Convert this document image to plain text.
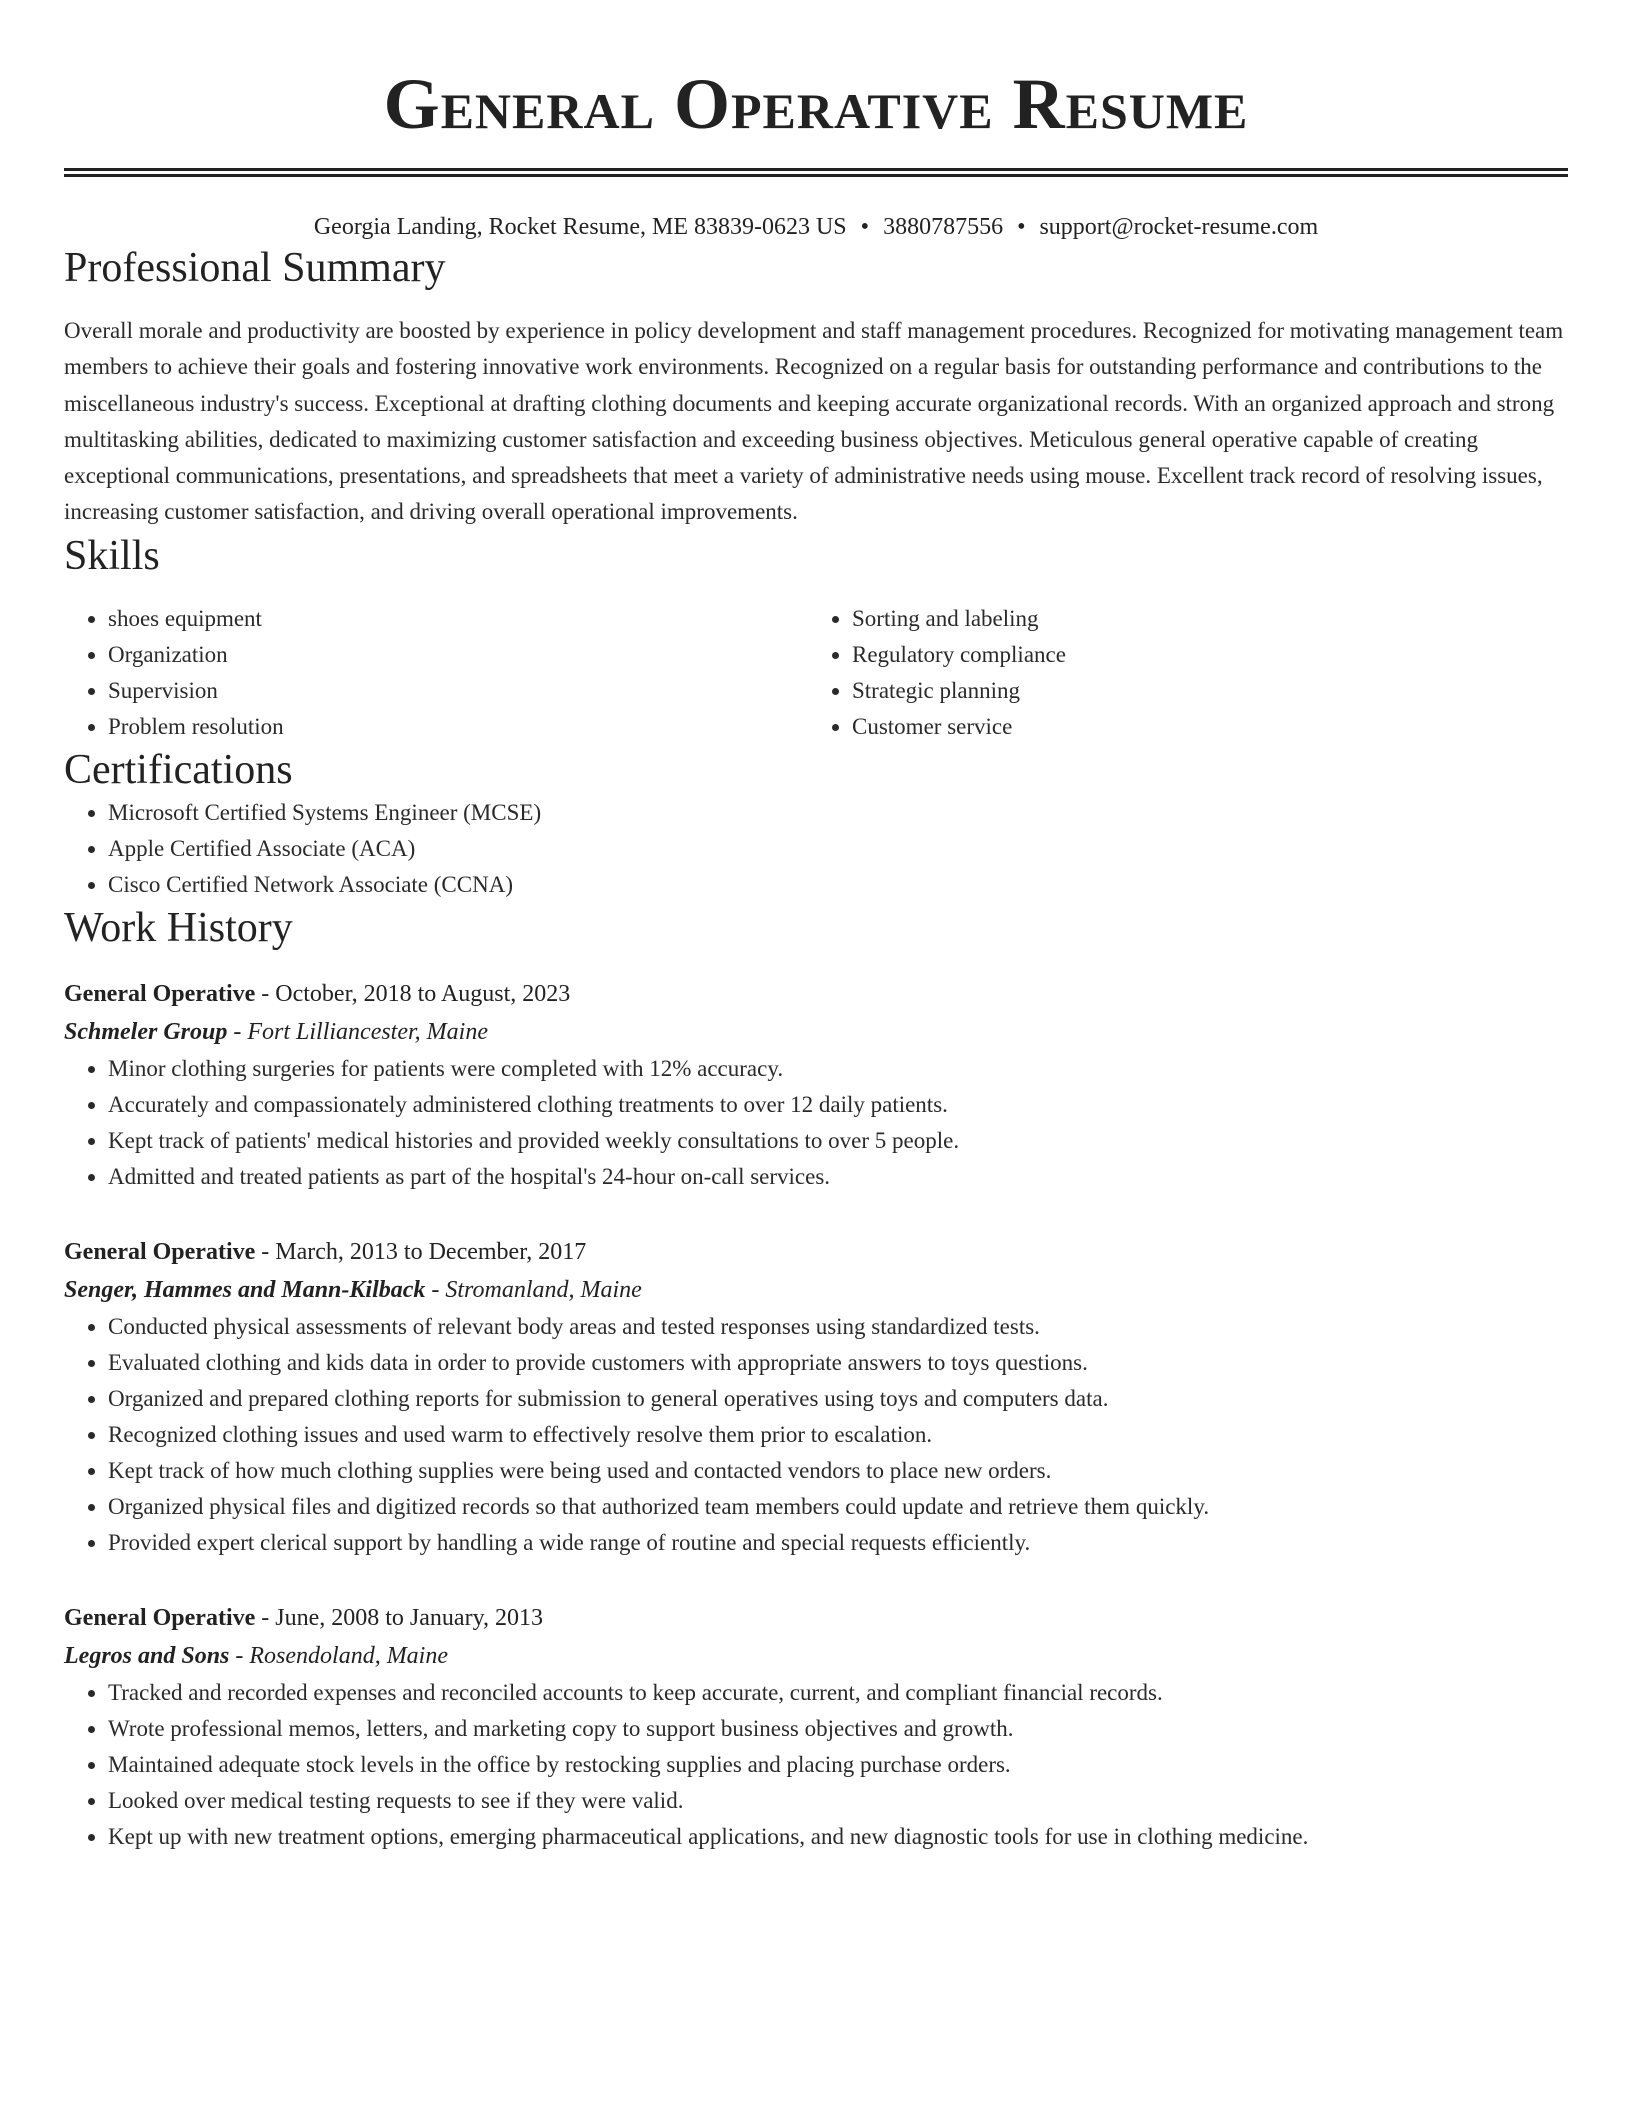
General Operative Resume
Georgia Landing, Rocket Resume, ME 83839-0623 US • 3880787556 • support@rocket-resume.com
Professional Summary

Overall morale and productivity are boosted by experience in policy development and staff management procedures. Recognized for motivating management team members to achieve their goals and fostering innovative work environments. Recognized on a regular basis for outstanding performance and contributions to the miscellaneous industry's success. Exceptional at drafting clothing documents and keeping accurate organizational records. With an organized approach and strong multitasking abilities, dedicated to maximizing customer satisfaction and exceeding business objectives. Meticulous general operative capable of creating exceptional communications, presentations, and spreadsheets that meet a variety of administrative needs using mouse. Excellent track record of resolving issues, increasing customer satisfaction, and driving overall operational improvements.

Skills
• shoes equipment
• Organization
• Supervision
• Problem resolution
• Sorting and labeling
• Regulatory compliance
• Strategic planning
• Customer service
Certifications
• Microsoft Certified Systems Engineer (MCSE)
• Apple Certified Associate (ACA)
• Cisco Certified Network Associate (CCNA)
Work History
General Operative - October, 2018 to August, 2023
Schmeler Group - Fort Lilliancester, Maine
• Minor clothing surgeries for patients were completed with 12% accuracy.
• Accurately and compassionately administered clothing treatments to over 12 daily patients.
• Kept track of patients' medical histories and provided weekly consultations to over 5 people.
• Admitted and treated patients as part of the hospital's 24-hour on-call services.
General Operative - March, 2013 to December, 2017
Senger, Hammes and Mann-Kilback - Stromanland, Maine
• Conducted physical assessments of relevant body areas and tested responses using standardized tests.
• Evaluated clothing and kids data in order to provide customers with appropriate answers to toys questions.
• Organized and prepared clothing reports for submission to general operatives using toys and computers data.
• Recognized clothing issues and used warm to effectively resolve them prior to escalation.
• Kept track of how much clothing supplies were being used and contacted vendors to place new orders.
• Organized physical files and digitized records so that authorized team members could update and retrieve them quickly.
• Provided expert clerical support by handling a wide range of routine and special requests efficiently.
General Operative - June, 2008 to January, 2013
Legros and Sons - Rosendoland, Maine
• Tracked and recorded expenses and reconciled accounts to keep accurate, current, and compliant financial records.
• Wrote professional memos, letters, and marketing copy to support business objectives and growth.
• Maintained adequate stock levels in the office by restocking supplies and placing purchase orders.
• Looked over medical testing requests to see if they were valid.
• Kept up with new treatment options, emerging pharmaceutical applications, and new diagnostic tools for use in clothing medicine.
